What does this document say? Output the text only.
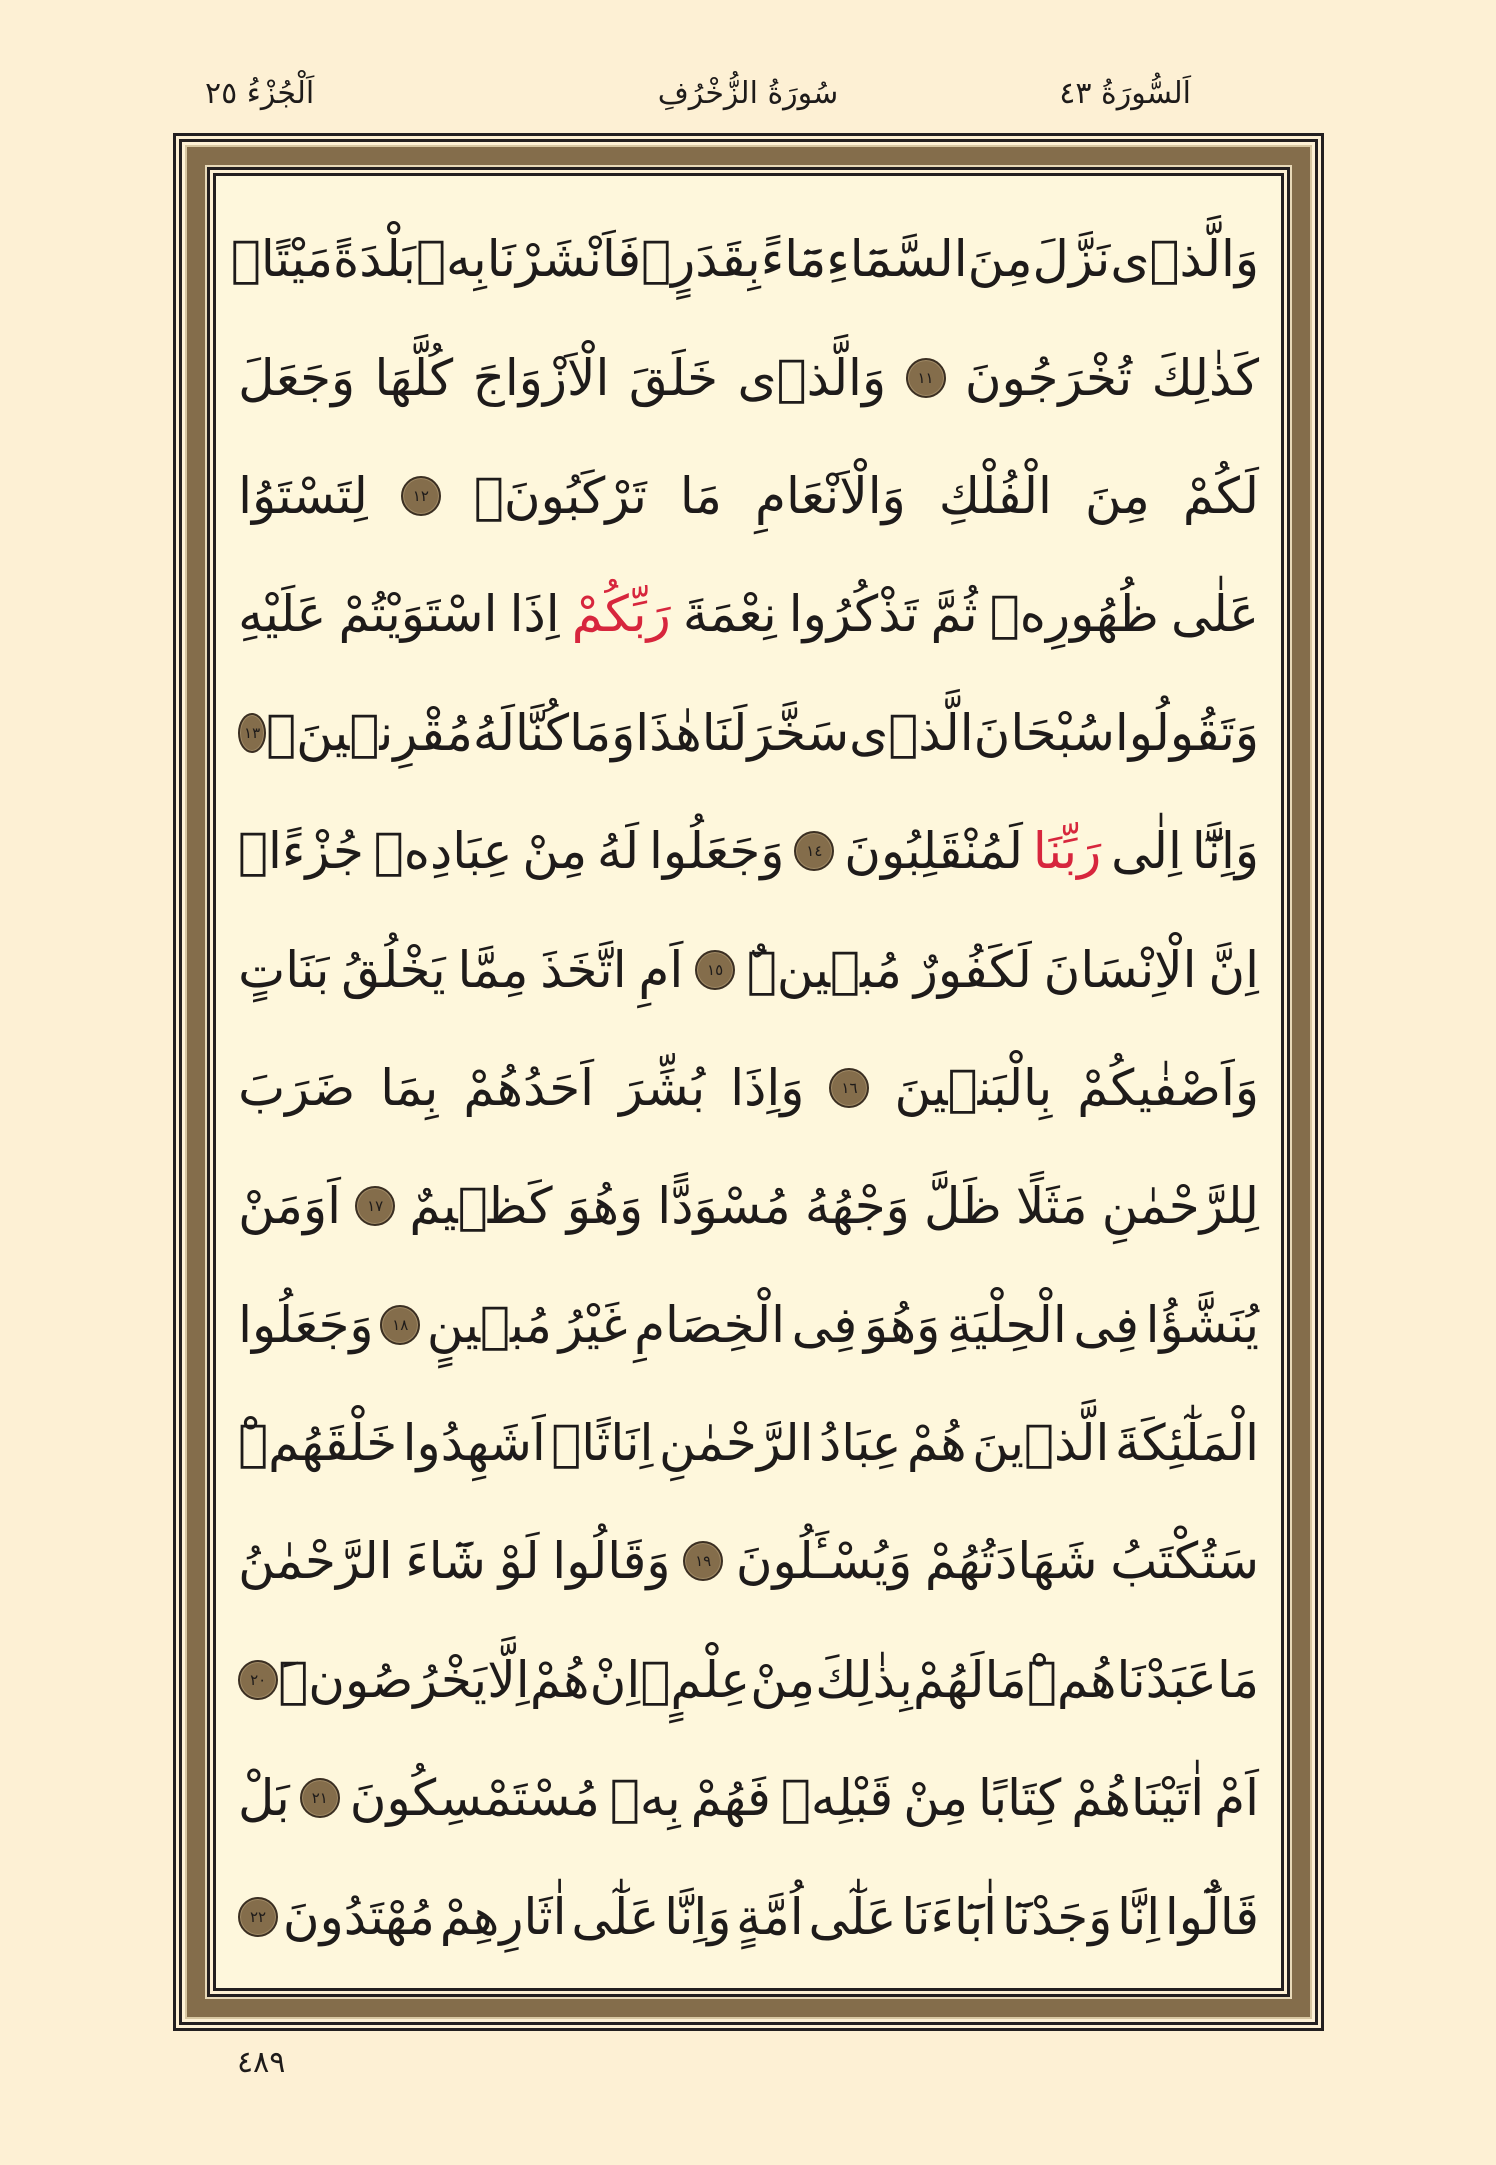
اَلْجُزْءُ ٢٥	سُورَةُ الزُّخْرُفِ	اَلسُّورَةُ ٤٣
وَالَّذ۪ى
نَزَّلَ
مِنَ
السَّمَٓاءِ
مَٓاءً
بِقَدَرٍۚ
فَاَنْشَرْنَا
بِه۪
بَلْدَةً
مَيْتًاۚ
كَذٰلِكَ
تُخْرَجُونَ
١١
وَالَّذ۪ى
خَلَقَ
الْاَزْوَاجَ
كُلَّهَا
وَجَعَلَ
لَكُمْ
مِنَ
الْفُلْكِ
وَالْاَنْعَامِ
مَا
تَرْكَبُونَۙ
١٢
لِتَسْتَوُا
عَلٰى
ظُهُورِه۪
ثُمَّ
تَذْكُرُوا
نِعْمَةَ
رَبِّكُمْ
اِذَا
اسْتَوَيْتُمْ
عَلَيْهِ
وَتَقُولُوا
سُبْحَانَ
الَّذ۪ى
سَخَّرَ
لَنَا
هٰذَا
وَمَا
كُنَّا
لَهُ
مُقْرِن۪ينَۙ
١٣
وَاِنَّٓا
اِلٰى
رَبِّنَا
لَمُنْقَلِبُونَ
١٤
وَجَعَلُوا
لَهُ
مِنْ
عِبَادِه۪
جُزْءًاۜ
اِنَّ
الْاِنْسَانَ
لَكَفُورٌ
مُب۪ينٌۜ
١٥
اَمِ
اتَّخَذَ
مِمَّا
يَخْلُقُ
بَنَاتٍ
وَاَصْفٰيكُمْ
بِالْبَن۪ينَ
١٦
وَاِذَا
بُشِّرَ
اَحَدُهُمْ
بِمَا
ضَرَبَ
لِلرَّحْمٰنِ
مَثَلًا
ظَلَّ
وَجْهُهُ
مُسْوَدًّا
وَهُوَ
كَظ۪يمٌ
١٧
اَوَمَنْ
يُنَشَّؤُا
فِى
الْحِلْيَةِ
وَهُوَ
فِى
الْخِصَامِ
غَيْرُ
مُب۪ينٍ
١٨
وَجَعَلُوا
الْمَلٰٓئِكَةَ
الَّذ۪ينَ
هُمْ
عِبَادُ
الرَّحْمٰنِ
اِنَاثًاۜ
اَشَهِدُوا
خَلْقَهُمْۜ
سَتُكْتَبُ
شَهَادَتُهُمْ
وَيُسْـَٔلُونَ
١٩
وَقَالُوا
لَوْ
شَٓاءَ
الرَّحْمٰنُ
مَا
عَبَدْنَاهُمْۜ
مَا
لَهُمْ
بِذٰلِكَ
مِنْ
عِلْمٍۗ
اِنْ
هُمْ
اِلَّا
يَخْرُصُونَۜ
٢٠
اَمْ
اٰتَيْنَاهُمْ
كِتَابًا
مِنْ
قَبْلِه۪
فَهُمْ
بِه۪
مُسْتَمْسِكُونَ
٢١
بَلْ
قَالُٓوا
اِنَّا
وَجَدْنَٓا
اٰبَٓاءَنَا
عَلٰٓى
اُمَّةٍ
وَاِنَّا
عَلٰٓى
اٰثَارِهِمْ
مُهْتَدُونَ
٢٢
٤٨٩
